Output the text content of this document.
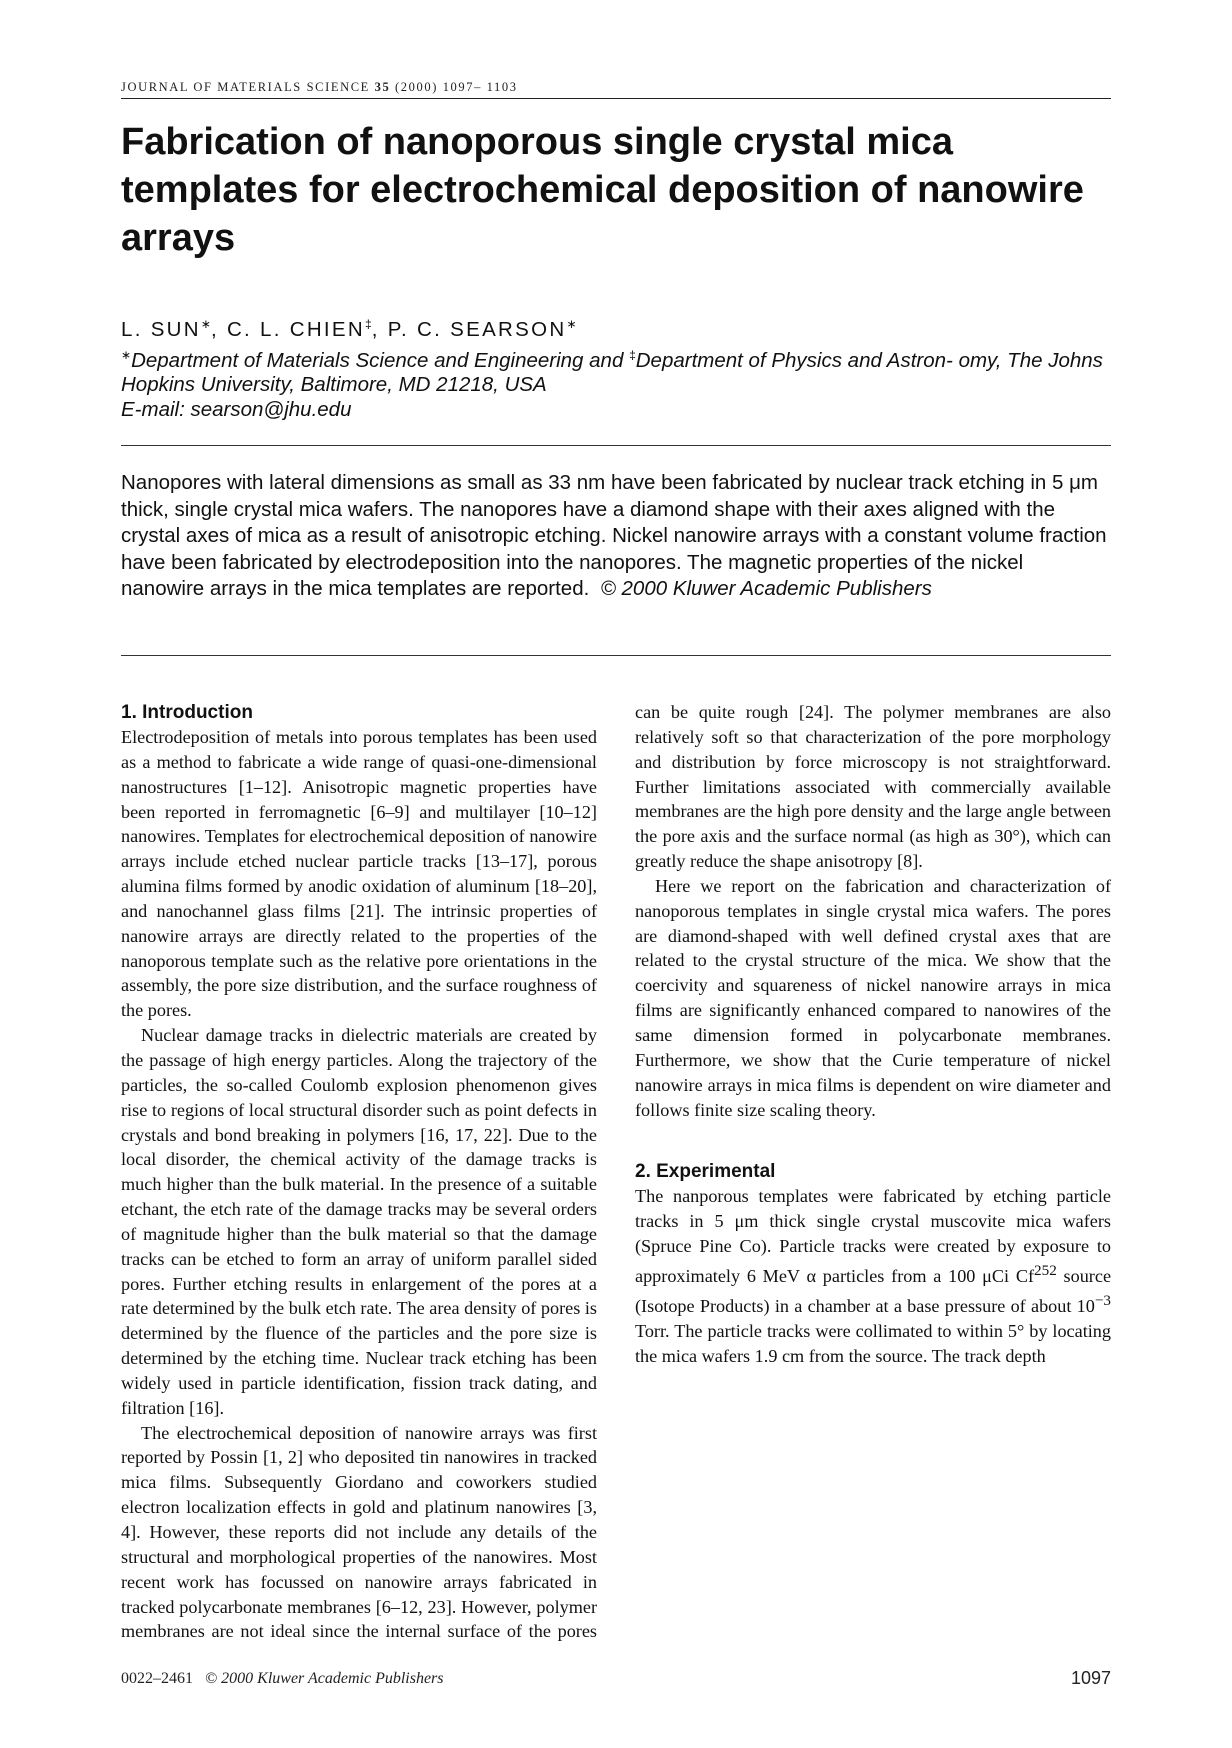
JOURNAL OF MATERIALS SCIENCE 35 (2000) 1097– 1103
Fabrication of nanoporous single crystal mica templates for electrochemical deposition of nanowire arrays
L. SUN∗, C. L. CHIEN‡, P. C. SEARSON∗
∗Department of Materials Science and Engineering and ‡Department of Physics and Astron- omy, The Johns Hopkins University, Baltimore, MD 21218, USA
E-mail: searson@jhu.edu
Nanopores with lateral dimensions as small as 33 nm have been fabricated by nuclear track etching in 5 μm thick, single crystal mica wafers. The nanopores have a diamond shape with their axes aligned with the crystal axes of mica as a result of anisotropic etching. Nickel nanowire arrays with a constant volume fraction have been fabricated by electrodeposition into the nanopores. The magnetic properties of the nickel nanowire arrays in the mica templates are reported. © 2000 Kluwer Academic Publishers
0022–2461 © 2000 Kluwer Academic Publishers	1097
1. Introduction

Electrodeposition of metals into porous templates has been used as a method to fabricate a wide range of quasi-one-dimensional nanostructures [1–12]. Anisotropic magnetic properties have been reported in ferromagnetic [6–9] and multilayer [10–12] nanowires. Templates for electrochemical deposition of nanowire arrays include etched nuclear particle tracks [13–17], porous alumina films formed by anodic oxidation of aluminum [18–20], and nanochannel glass films [21]. The intrinsic properties of nanowire arrays are directly related to the properties of the nanoporous template such as the relative pore orientations in the assembly, the pore size distribution, and the surface roughness of the pores.

Nuclear damage tracks in dielectric materials are created by the passage of high energy particles. Along the trajectory of the particles, the so-called Coulomb explosion phenomenon gives rise to regions of local structural disorder such as point defects in crystals and bond breaking in polymers [16, 17, 22]. Due to the local disorder, the chemical activity of the damage tracks is much higher than the bulk material. In the presence of a suitable etchant, the etch rate of the damage tracks may be several orders of magnitude higher than the bulk material so that the damage tracks can be etched to form an array of uniform parallel sided pores. Further etching results in enlargement of the pores at a rate determined by the bulk etch rate. The area density of pores is determined by the fluence of the particles and the pore size is determined by the etching time. Nuclear track etching has been widely used in particle identification, fission track dating, and filtration [16].

The electrochemical deposition of nanowire arrays was first reported by Possin [1, 2] who deposited tin nanowires in tracked mica films. Subsequently Giordano and coworkers studied electron localization effects in gold and platinum nanowires [3, 4]. However, these reports did not include any details of the structural and morphological properties of the nanowires. Most recent work has focussed on nanowire arrays fabricated in tracked polycarbonate membranes [6–12, 23]. However, polymer membranes are not ideal since the internal surface of the pores can be quite rough [24]. The polymer membranes are also relatively soft so that characterization of the pore morphology and distribution by force microscopy is not straightforward. Further limitations associated with commercially available membranes are the high pore density and the large angle between the pore axis and the surface normal (as high as 30°), which can greatly reduce the shape anisotropy [8].

Here we report on the fabrication and characterization of nanoporous templates in single crystal mica wafers. The pores are diamond-shaped with well defined crystal axes that are related to the crystal structure of the mica. We show that the coercivity and squareness of nickel nanowire arrays in mica films are significantly enhanced compared to nanowires of the same dimension formed in polycarbonate membranes. Furthermore, we show that the Curie temperature of nickel nanowire arrays in mica films is dependent on wire diameter and follows finite size scaling theory.

2. Experimental

The nanporous templates were fabricated by etching particle tracks in 5 μm thick single crystal muscovite mica wafers (Spruce Pine Co). Particle tracks were created by exposure to approximately 6 MeV α particles from a 100 μCi Cf$^{252}$ source (Isotope Products) in a chamber at a base pressure of about $10^{-3}$ Torr. The particle tracks were collimated to within 5° by locating the mica wafers 1.9 cm from the source. The track depth
